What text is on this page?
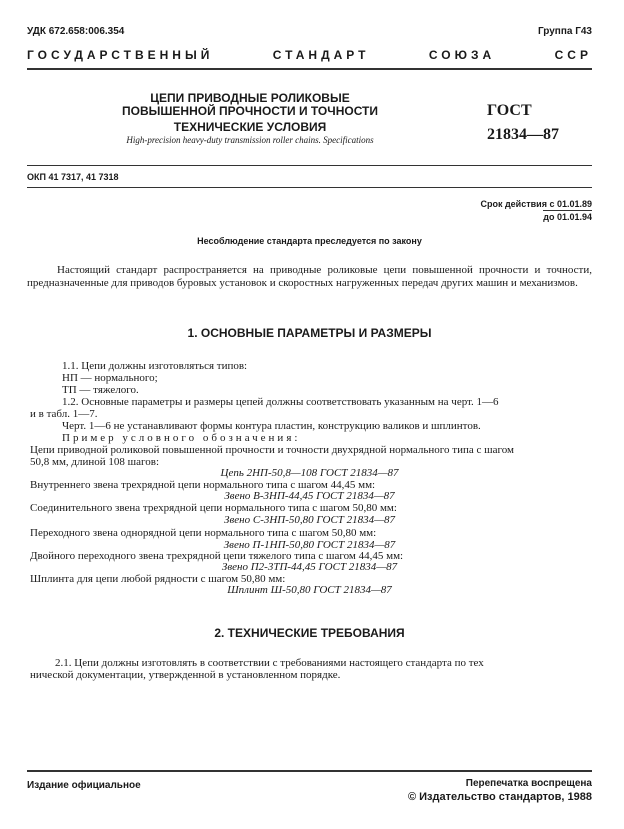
УДК 672.658:006.354	Группа Г43
ГОСУДАРСТВЕННЫЙ	СТАНДАРТ	СОЮЗА	ССР
ЦЕПИ ПРИВОДНЫЕ РОЛИКОВЫЕ
ПОВЫШЕННОЙ ПРОЧНОСТИ И ТОЧНОСТИ
ТЕХНИЧЕСКИЕ УСЛОВИЯ
High-precision heavy-duty transmission roller chains. Specifications
ГОСТ
21834—87
ОКП 41 7317, 41 7318
Срок действия с 01.01.89
до 01.01.94
Несоблюдение стандарта преследуется по закону
Настоящий стандарт распространяется на приводные роликовые цепи повышенной прочности и точности, предназначенные для приводов буровых установок и скоростных нагруженных передач других машин и механизмов.
1. ОСНОВНЫЕ ПАРАМЕТРЫ И РАЗМЕРЫ
1.1. Цепи должны изготовляться типов:
НП — нормального;
ТП — тяжелого.
1.2. Основные параметры и размеры цепей должны соответствовать указанным на черт. 1—6
и в табл. 1—7.
Черт. 1—6 не устанавливают формы контура пластин, конструкцию валиков и шплинтов.
Пример условного обозначения:
Цепи приводной роликовой повышенной прочности и точности двухрядной нормального типа с шагом
50,8 мм, длиной 108 шагов:
Цепь 2НП-50,8—108 ГОСТ 21834—87
Внутреннего звена трехрядной цепи нормального типа с шагом 44,45 мм:
Звено В-3НП-44,45 ГОСТ 21834—87
Соединительного звена трехрядной цепи нормального типа с шагом 50,80 мм:
Звено С-3НП-50,80 ГОСТ 21834—87
Переходного звена однорядной цепи нормального типа с шагом 50,80 мм:
Звено П-1НП-50,80 ГОСТ 21834—87
Двойного переходного звена трехрядной цепи тяжелого типа с шагом 44,45 мм:
Звено П2-3ТП-44,45 ГОСТ 21834—87
Шплинта для цепи любой рядности с шагом 50,80 мм:
Шплинт Ш-50,80 ГОСТ 21834—87
2. ТЕХНИЧЕСКИЕ ТРЕБОВАНИЯ
2.1. Цепи должны изготовлять в соответствии с требованиями настоящего стандарта по тех
нической документации, утвержденной в установленном порядке.
Издание официальное	Перепечатка воспрещена
© Издательство стандартов, 1988
